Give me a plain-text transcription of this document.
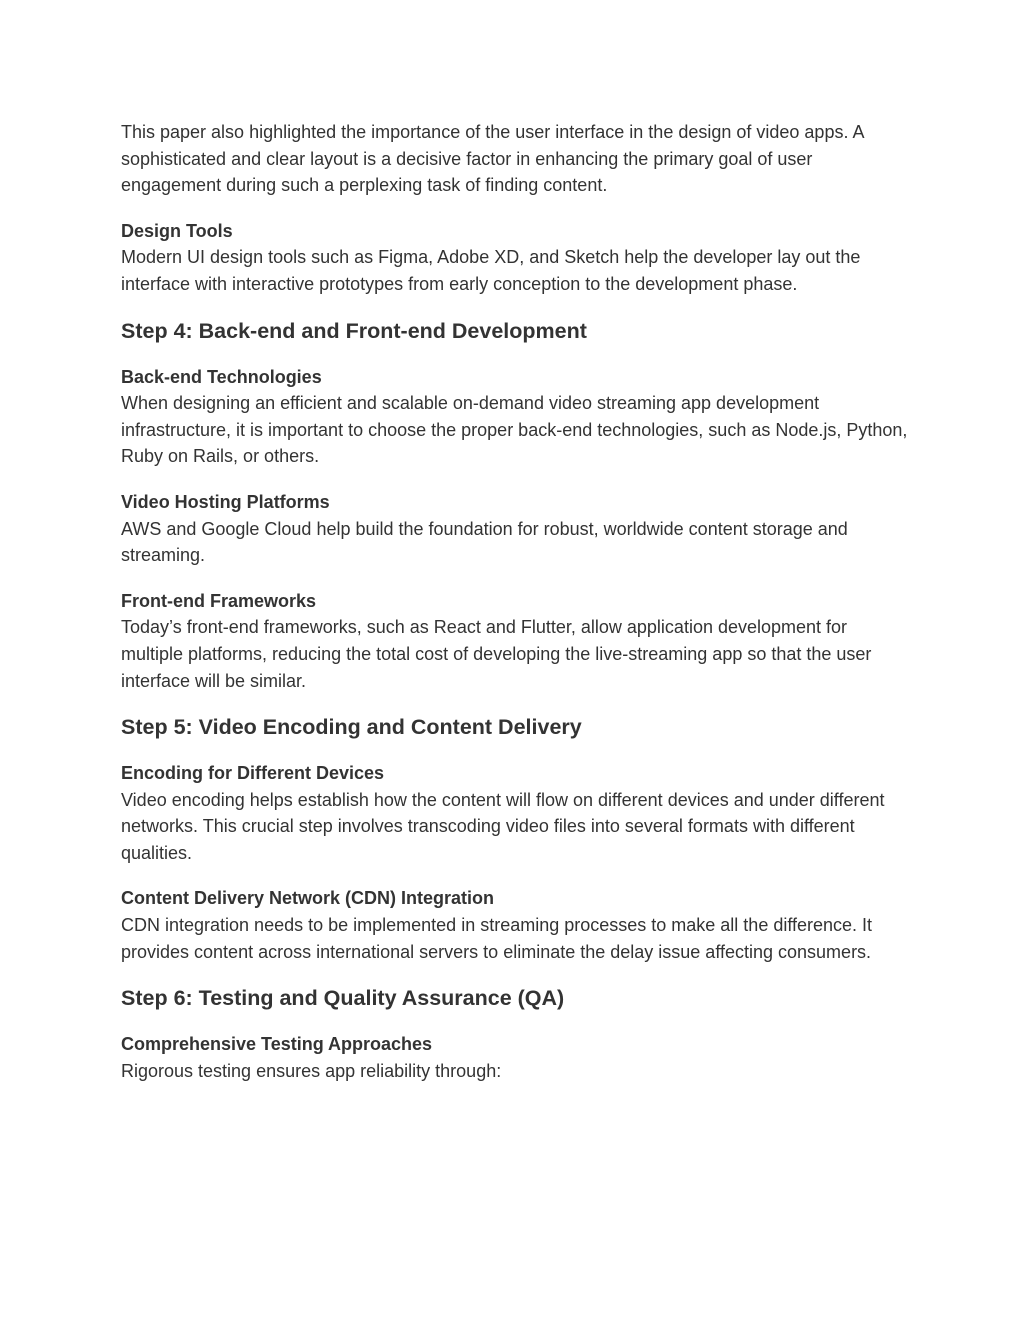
This paper also highlighted the importance of the user interface in the design of video apps. A sophisticated and clear layout is a decisive factor in enhancing the primary goal of user engagement during such a perplexing task of finding content.

Design Tools
Modern UI design tools such as Figma, Adobe XD, and Sketch help the developer lay out the interface with interactive prototypes from early conception to the development phase.

Step 4: Back-end and Front-end Development

Back-end Technologies
When designing an efficient and scalable on-demand video streaming app development infrastructure, it is important to choose the proper back-end technologies, such as Node.js, Python, Ruby on Rails, or others.

Video Hosting Platforms
AWS and Google Cloud help build the foundation for robust, worldwide content storage and streaming.

Front-end Frameworks
Today’s front-end frameworks, such as React and Flutter, allow application development for multiple platforms, reducing the total cost of developing the live-streaming app so that the user interface will be similar.

Step 5: Video Encoding and Content Delivery

Encoding for Different Devices
Video encoding helps establish how the content will flow on different devices and under different networks. This crucial step involves transcoding video files into several formats with different qualities.

Content Delivery Network (CDN) Integration
CDN integration needs to be implemented in streaming processes to make all the difference. It provides content across international servers to eliminate the delay issue affecting consumers.

Step 6: Testing and Quality Assurance (QA)

Comprehensive Testing Approaches
Rigorous testing ensures app reliability through:
